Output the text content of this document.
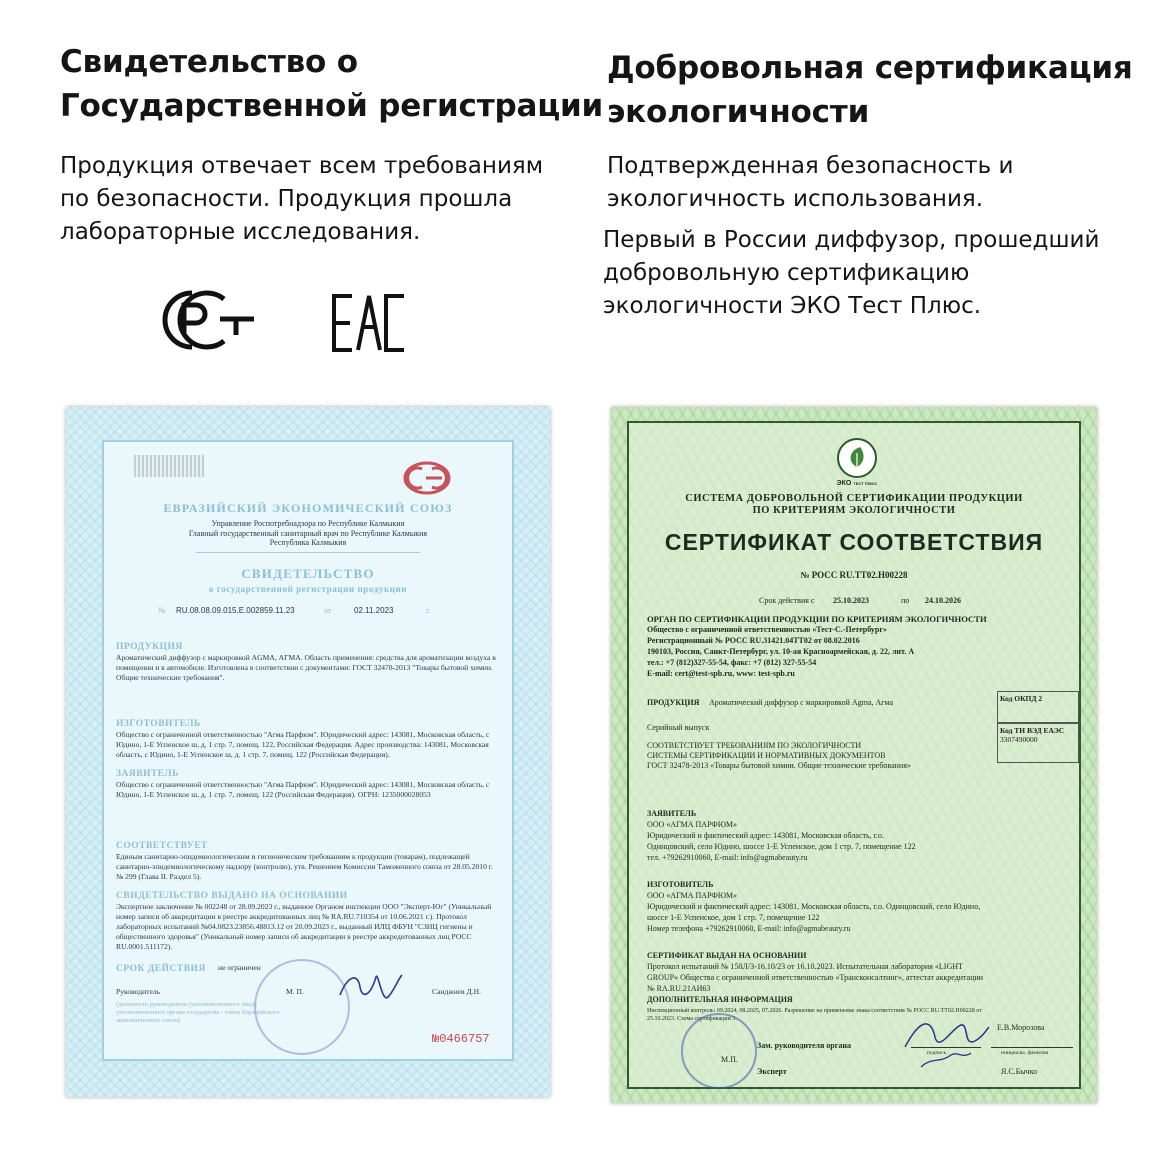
Свидетельство о
Государственной регистрации
Продукция отвечает всем требованиям
по безопасности. Продукция прошла
лабораторные исследования.
Добровольная сертификация
экологичности
Подтвержденная безопасность и
экологичность использования.
Первый в России диффузор, прошедший
добровольную сертификацию
экологичности ЭКО Тест Плюс.
ЕВРАЗИЙСКИЙ ЭКОНОМИЧЕСКИЙ СОЮЗ
Управление Роспотребнадзора по Республике Калмыкия
Главный государственный санитарный врач по Республике Калмыкия
Республика Калмыкия
СВИДЕТЕЛЬСТВО
о государственной регистрации продукции
№ RU.08.08.09.015.Е.002859.11.23	от	02.11.2023	г.
ПРОДУКЦИЯ
Ароматический диффузор с маркировкой AGMA, АГМА. Область применения: средства для ароматизации воздуха в помещении и в автомобиле. Изготовлена в соответствии с документами: ГОСТ 32478-2013 "Товары бытовой химии. Общие технические требования".
ИЗГОТОВИТЕЛЬ
Общество с ограниченной ответственностью "Агма Парфюм". Юридический адрес: 143081, Московская область, с Юдино, 1-Е Успенское ш, д. 1 стр. 7, помещ. 122, Российская Федерация. Адрес производства: 143081, Московская область, с Юдино, 1-Е Успенское ш, д. 1 стр. 7, помещ. 122 (Российская Федерация).
ЗАЯВИТЕЛЬ
Общество с ограниченной ответственностью "Агма Парфюм". Юридический адрес: 143081, Московская область, с Юдино, 1-Е Успенское ш, д. 1 стр. 7, помещ. 122 (Российская Федерация). ОГРН: 1235000028053
СООТВЕТСТВУЕТ
Единым санитарно-эпидемиологическим и гигиеническим требованиям к продукции (товарам), подлежащей санитарно-эпидемиологическому надзору (контролю), утв. Решением Комиссии Таможенного союза от 28.05.2010 г. № 299 (Глава II. Раздел 5).
СВИДЕТЕЛЬСТВО ВЫДАНО НА ОСНОВАНИИ
Экспертное заключение № 002248 от 28.09.2023 г., выданное Органом инспекции ООО "Эксперт-Юг" (Уникальный номер записи об аккредитации в реестре аккредитованных лиц № RA.RU.710354 от 10.06.2021 г.). Протокол лабораторных испытаний №04.0823.23856.48813.12 от 20.09.2023 г., выданный ИЛЦ ФБУН "СЗНЦ гигиены и общественного здоровья" (Уникальный номер записи об аккредитации в реестре аккредитованных лиц РОСС RU.0001.511172).
СРОК ДЕЙСТВИЯ не ограничен
Руководитель	М. П.	Санджиев Д.Н.
(должность руководителя (уполномоченного лица) уполномоченного органа государства - члена Евразийского экономического союза)
№0466757
ЭКО ТЕСТ ПЛЮС
СИСТЕМА ДОБРОВОЛЬНОЙ СЕРТИФИКАЦИИ ПРОДУКЦИИ
ПО КРИТЕРИЯМ ЭКОЛОГИЧНОСТИ
СЕРТИФИКАТ СООТВЕТСТВИЯ
№ РОСС RU.ТТ02.Н00228
Срок действия с 25.10.2023	по 24.10.2026
ОРГАН ПО СЕРТИФИКАЦИИ ПРОДУКЦИИ ПО КРИТЕРИЯМ ЭКОЛОГИЧНОСТИ
Общество с ограниченной ответственностью «Тест-С.-Петербург»
Регистрационный № РОСС RU.31421.04ТТ02 от 08.02.2016
190103, Россия, Санкт-Петербург, ул. 10-ая Красноармейская, д. 22, лит. А
тел.: +7 (812)327-55-54, факс: +7 (812) 327-55-54
E-mail: cert@test-spb.ru, www: test-spb.ru
ПРОДУКЦИЯ Ароматический диффузор с маркировкой Agma, Агма	Код ОКПД 2
Серийный выпуск	Код ТН ВЭД ЕАЭС
3307490000
СООТВЕТСТВУЕТ ТРЕБОВАНИЯМ ПО ЭКОЛОГИЧНОСТИ
СИСТЕМЫ СЕРТИФИКАЦИИ И НОРМАТИВНЫХ ДОКУМЕНТОВ
ГОСТ 32478-2013 «Товары бытовой химии. Общие технические требования»
ЗАЯВИТЕЛЬ
ООО «АГМА ПАРФЮМ»
Юридический и фактический адрес: 143081, Московская область, г.о.
Одинцовский, село Юдино, шоссе 1-Е Успенское, дом 1 стр. 7, помещение 122
тел. +79262910060, E-mail: info@agmabeauty.ru
ИЗГОТОВИТЕЛЬ
ООО «АГМА ПАРФЮМ»
Юридический и фактический адрес: 143081, Московская область, г.о. Одинцовский, село Юдино,
шоссе 1-Е Успенское, дом 1 стр. 7, помещение 122
Номер телефона +79262910060, E-mail: info@agmabeauty.ru
СЕРТИФИКАТ ВЫДАН НА ОСНОВАНИИ
Протокол испытаний № 150Л/3-16.10/23 от 16.10.2023. Испытательная лаборатория «LIGHT
GROUP» Общества с ограниченной ответственностью «Трансконсалтинг», аттестат аккредитации
№ RA.RU.21АИ63
ДОПОЛНИТЕЛЬНАЯ ИНФОРМАЦИЯ
Инспекционный контроль: 09.2024, 08.2025, 07.2026. Разрешение на применение знака соответствия № РОСС RU.ТТ02.Н00228 от
25.10.2023. Схема сертификации 3.
Е.В.Морозова
Зам. руководителя органа
подпись	инициалы, фамилия
М.П.
Эксперт	Я.С.Бычко
